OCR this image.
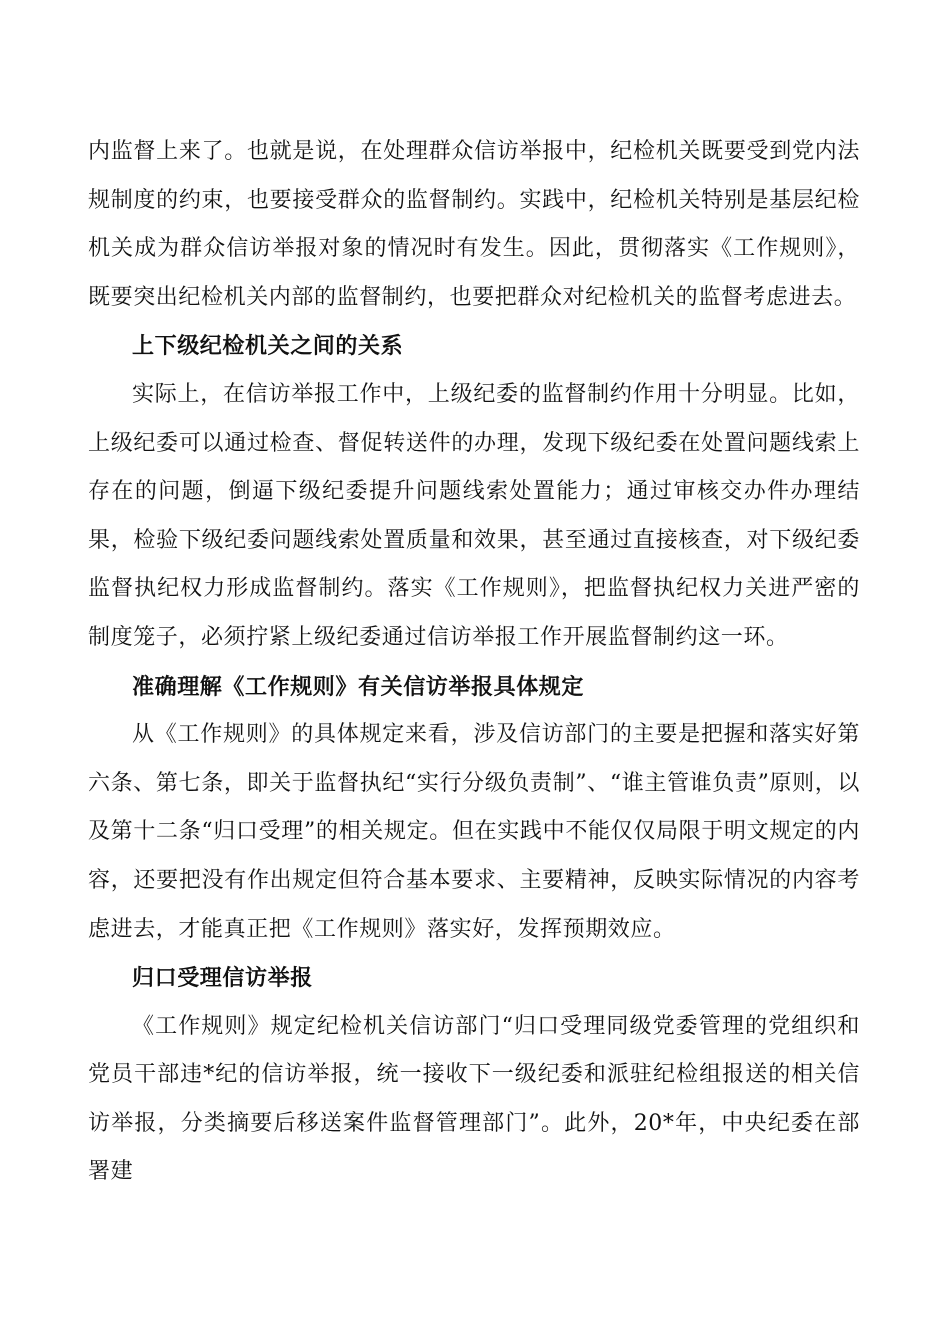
内监督上来了。也就是说，在处理群众信访举报中，纪检机关既要受到党内法规制度的约束，也要接受群众的监督制约。实践中，纪检机关特别是基层纪检机关成为群众信访举报对象的情况时有发生。因此，贯彻落实《工作规则》，既要突出纪检机关内部的监督制约，也要把群众对纪检机关的监督考虑进去。

上下级纪检机关之间的关系

实际上，在信访举报工作中，上级纪委的监督制约作用十分明显。比如，上级纪委可以通过检查、督促转送件的办理，发现下级纪委在处置问题线索上存在的问题，倒逼下级纪委提升问题线索处置能力；通过审核交办件办理结果，检验下级纪委问题线索处置质量和效果，甚至通过直接核查，对下级纪委监督执纪权力形成监督制约。落实《工作规则》，把监督执纪权力关进严密的制度笼子，必须拧紧上级纪委通过信访举报工作开展监督制约这一环。

准确理解《工作规则》有关信访举报具体规定

从《工作规则》的具体规定来看，涉及信访部门的主要是把握和落实好第六条、第七条，即关于监督执纪“实行分级负责制”、“谁主管谁负责”原则，以及第十二条“归口受理”的相关规定。但在实践中不能仅仅局限于明文规定的内容，还要把没有作出规定但符合基本要求、主要精神，反映实际情况的内容考虑进去，才能真正把《工作规则》落实好，发挥预期效应。

归口受理信访举报

《工作规则》规定纪检机关信访部门“归口受理同级党委管理的党组织和党员干部违*纪的信访举报，统一接收下一级纪委和派驻纪检组报送的相关信访举报，分类摘要后移送案件监督管理部门”。此外，20*年，中央纪委在部署建
